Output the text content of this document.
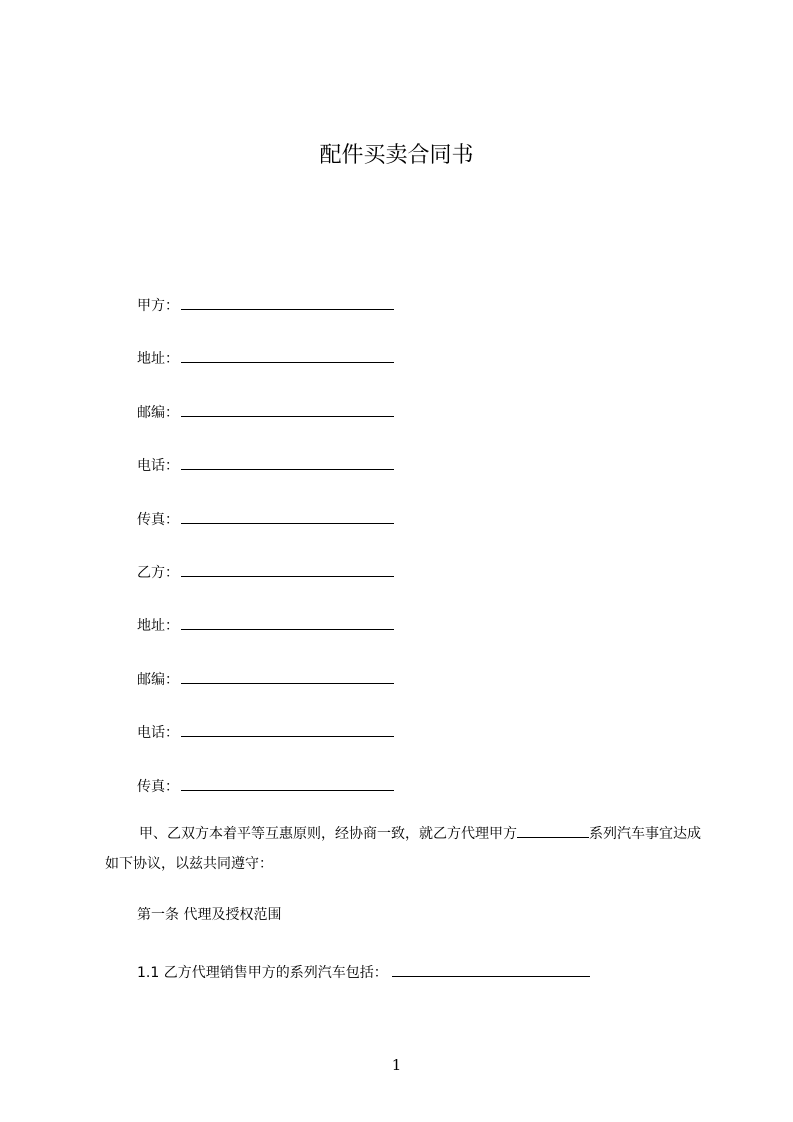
配件买卖合同书
甲方：
地址：
邮编：
电话：
传真：
乙方：
地址：
邮编：
电话：
传真：
甲、乙双方本着平等互惠原则，经协商一致，就乙方代理甲方	系列汽车事宜达成如下协议，以兹共同遵守：
第一条 代理及授权范围
1.1 乙方代理销售甲方的系列汽车包括：
1
